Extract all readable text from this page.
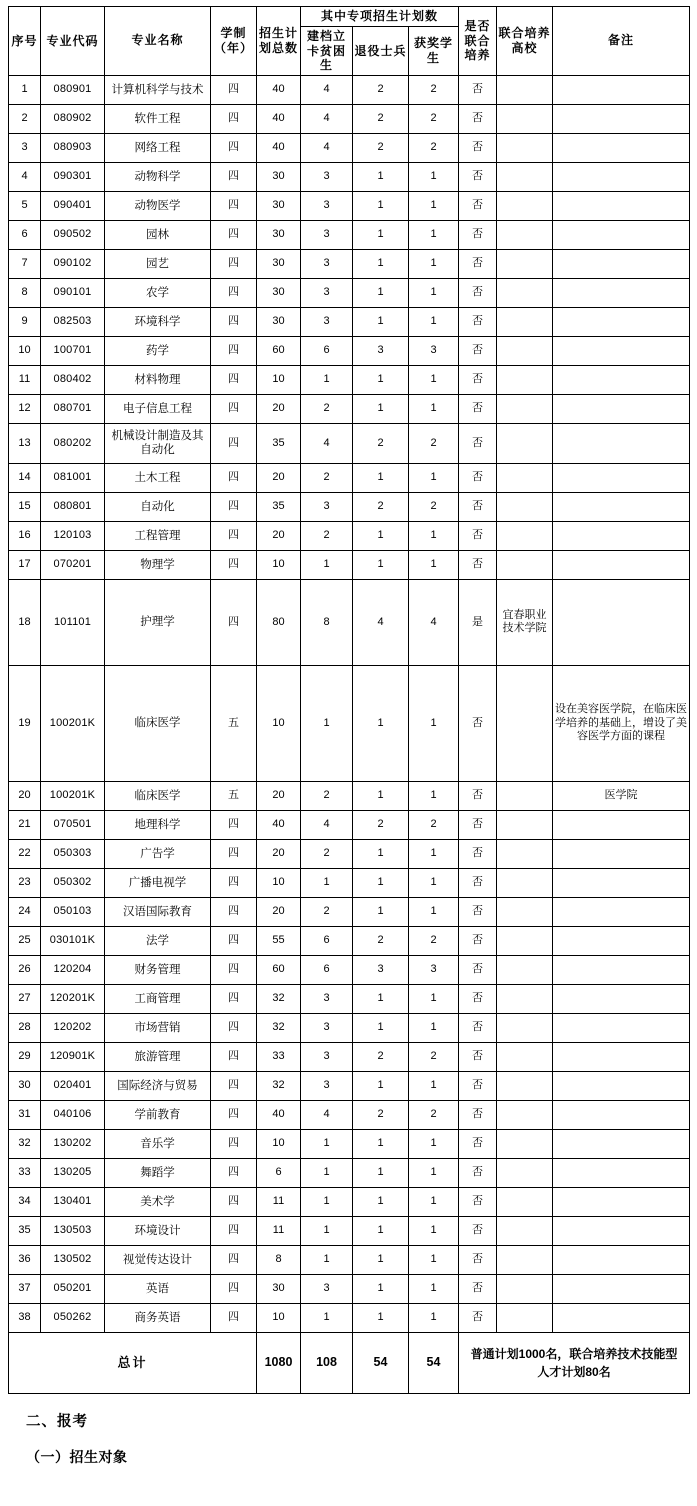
序号	专业代码	专业名称	学制（年）	招生计划总数	其中专项招生计划数			是否联合培养	联合培养高校	备注

					建档立卡贫困生	退役士兵	获奖学生			

1	080901	计算机科学与技术	四	40	4	2	2	否		
2	080902	软件工程	四	40	4	2	2	否		
3	080903	网络工程	四	40	4	2	2	否		
4	090301	动物科学	四	30	3	1	1	否		
5	090401	动物医学	四	30	3	1	1	否		
6	090502	园林	四	30	3	1	1	否		
7	090102	园艺	四	30	3	1	1	否		
8	090101	农学	四	30	3	1	1	否		
9	082503	环境科学	四	30	3	1	1	否		
10	100701	药学	四	60	6	3	3	否		
11	080402	材料物理	四	10	1	1	1	否		
12	080701	电子信息工程	四	20	2	1	1	否		
13	080202	机械设计制造及其自动化	四	35	4	2	2	否		
14	081001	土木工程	四	20	2	1	1	否		
15	080801	自动化	四	35	3	2	2	否		
16	120103	工程管理	四	20	2	1	1	否		
17	070201	物理学	四	10	1	1	1	否		
18	101101	护理学	四	80	8	4	4	是	宜春职业技术学院	
19	100201K	临床医学	五	10	1	1	1	否		设在美容医学院，在临床医学培养的基础上，增设了美容医学方面的课程
20	100201K	临床医学	五	20	2	1	1	否		医学院
21	070501	地理科学	四	40	4	2	2	否		
22	050303	广告学	四	20	2	1	1	否		
23	050302	广播电视学	四	10	1	1	1	否		
24	050103	汉语国际教育	四	20	2	1	1	否		
25	030101K	法学	四	55	6	2	2	否		
26	120204	财务管理	四	60	6	3	3	否		
27	120201K	工商管理	四	32	3	1	1	否		
28	120202	市场营销	四	32	3	1	1	否		
29	120901K	旅游管理	四	33	3	2	2	否		
30	020401	国际经济与贸易	四	32	3	1	1	否		
31	040106	学前教育	四	40	4	2	2	否		
32	130202	音乐学	四	10	1	1	1	否		
33	130205	舞蹈学	四	6	1	1	1	否		
34	130401	美术学	四	11	1	1	1	否		
35	130503	环境设计	四	11	1	1	1	否		
36	130502	视觉传达设计	四	8	1	1	1	否		
37	050201	英语	四	30	3	1	1	否		
38	050262	商务英语	四	10	1	1	1	否		
总计				1080	108	54	54	普通计划1000名，联合培养技术技能型人才计划80名		
二、报考
（一）招生对象
